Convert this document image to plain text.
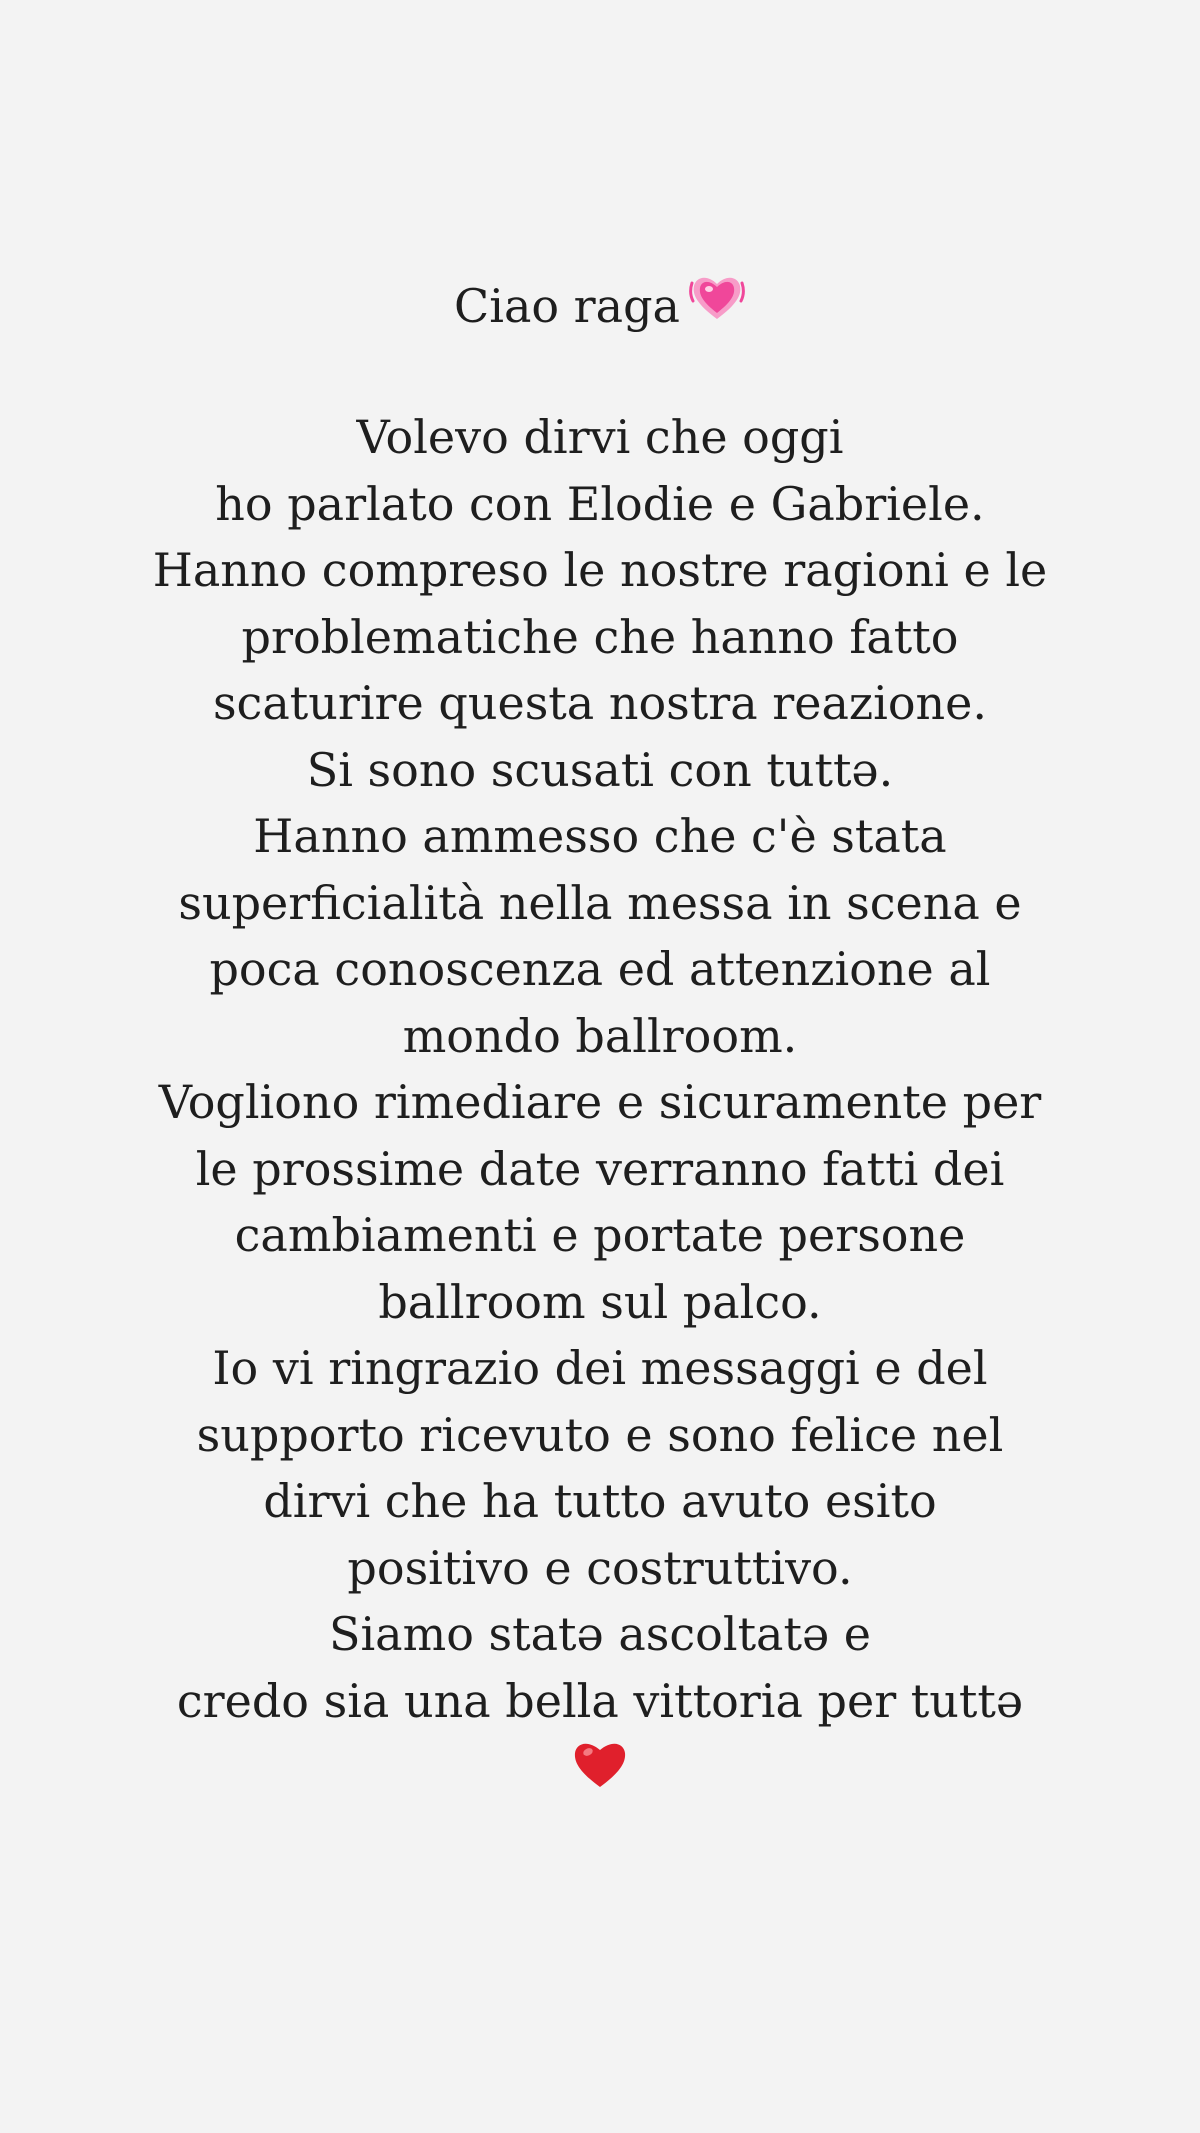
Ciao raga
Volevo dirvi che oggi
ho parlato con Elodie e Gabriele.
Hanno compreso le nostre ragioni e le
problematiche che hanno fatto
scaturire questa nostra reazione.
Si sono scusati con tuttə.
Hanno ammesso che c'è stata
superficialità nella messa in scena e
poca conoscenza ed attenzione al
mondo ballroom.
Vogliono rimediare e sicuramente per
le prossime date verranno fatti dei
cambiamenti e portate persone
ballroom sul palco.
Io vi ringrazio dei messaggi e del
supporto ricevuto e sono felice nel
dirvi che ha tutto avuto esito
positivo e costruttivo.
Siamo statə ascoltatə e
credo sia una bella vittoria per tuttə
